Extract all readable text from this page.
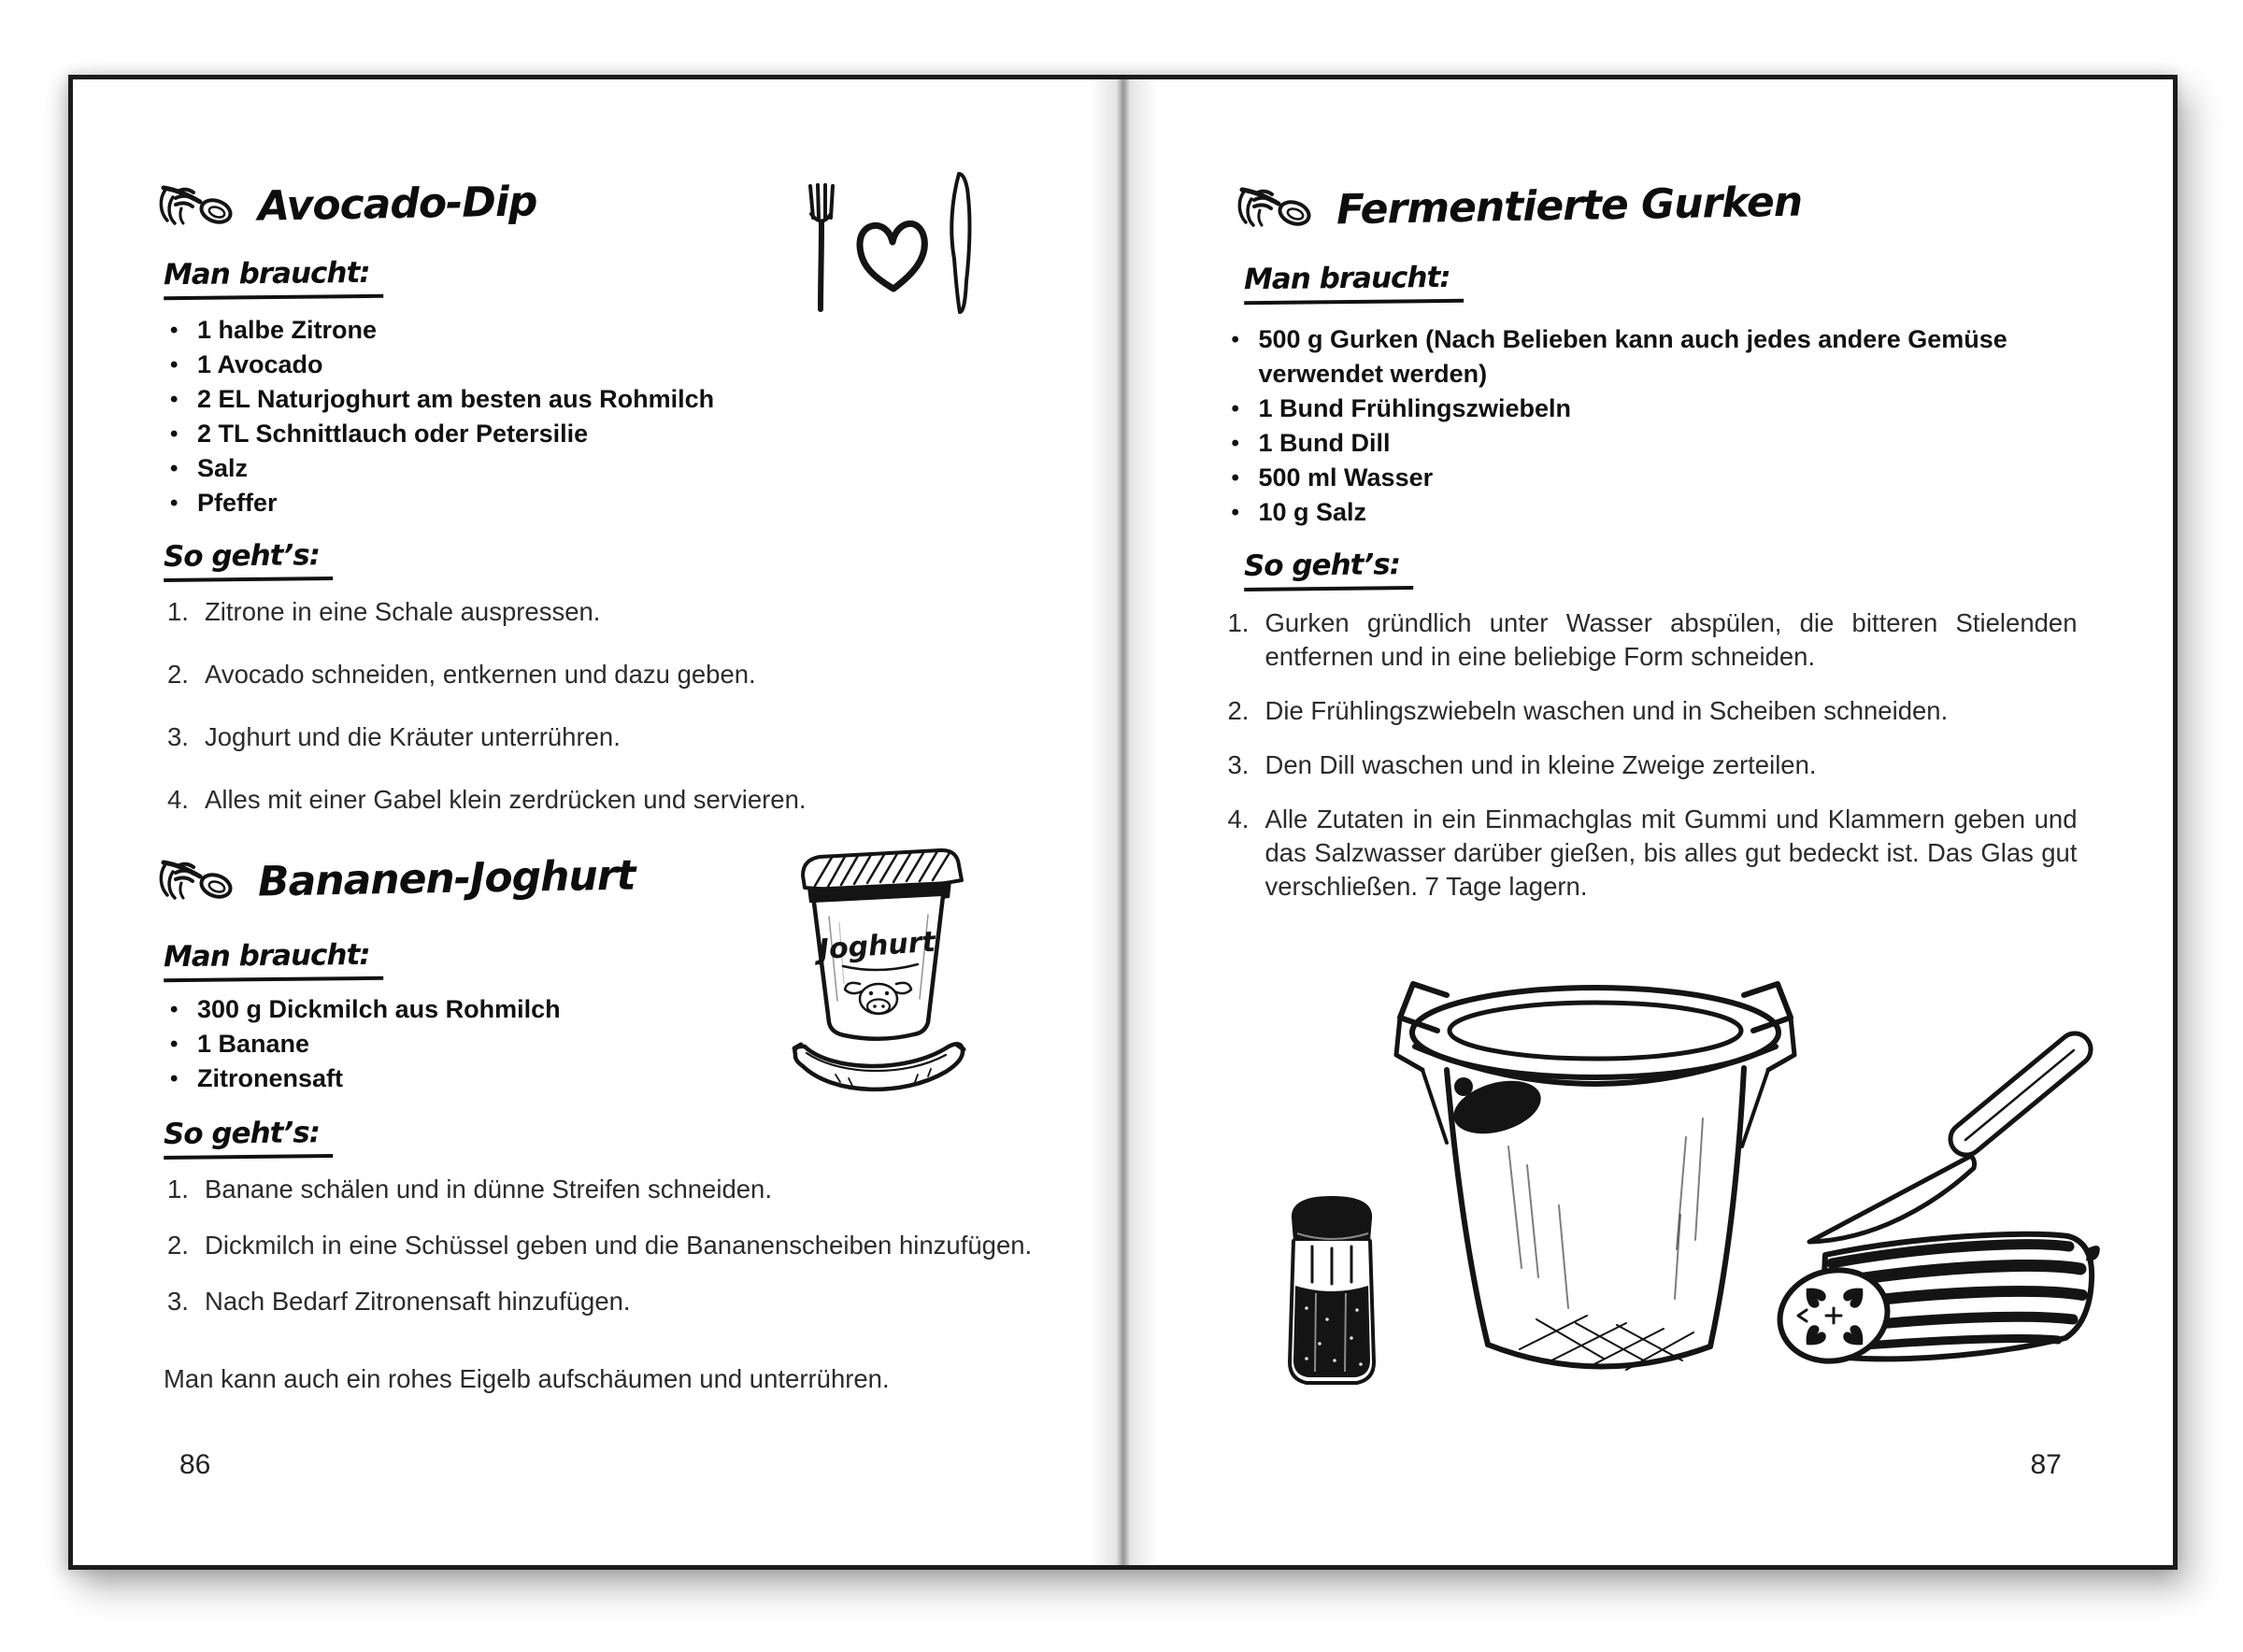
Avocado-Dip
Man braucht:
• 1 halbe Zitrone
• 1 Avocado
• 2 EL Naturjoghurt am besten aus Rohmilch
• 2 TL Schnittlauch oder Petersilie
• Salz
• Pfeffer
So geht’s:
Zitrone in eine Schale auspressen.
Avocado schneiden, entkernen und dazu geben.
Joghurt und die Kräuter unterrühren.
Alles mit einer Gabel klein zerdrücken und servieren.
Bananen-Joghurt
Joghurt
Man braucht:
• 300 g Dickmilch aus Rohmilch
• 1 Banane
• Zitronensaft
So geht’s:
Banane schälen und in dünne Streifen schneiden.
Dickmilch in eine Schüssel geben und die Bananenscheiben hinzufügen.
Nach Bedarf Zitronensaft hinzufügen.
Man kann auch ein rohes Eigelb aufschäumen und unterrühren.
86
Fermentierte Gurken
Man braucht:
• 500 g Gurken (Nach Belieben kann auch jedes andere Gemüse verwendet werden)
• 1 Bund Frühlingszwiebeln
• 1 Bund Dill
• 500 ml Wasser
• 10 g Salz
So geht’s:
Gurken gründlich unter Wasser abspülen, die bitteren Stielenden entfernen und in eine beliebige Form schneiden.
Die Frühlingszwiebeln waschen und in Scheiben schneiden.
Den Dill waschen und in kleine Zweige zerteilen.
Alle Zutaten in ein Einmachglas mit Gummi und Klammern geben und das Salzwasser darüber gießen, bis alles gut bedeckt ist. Das Glas gut verschließen. 7 Tage lagern.
87
